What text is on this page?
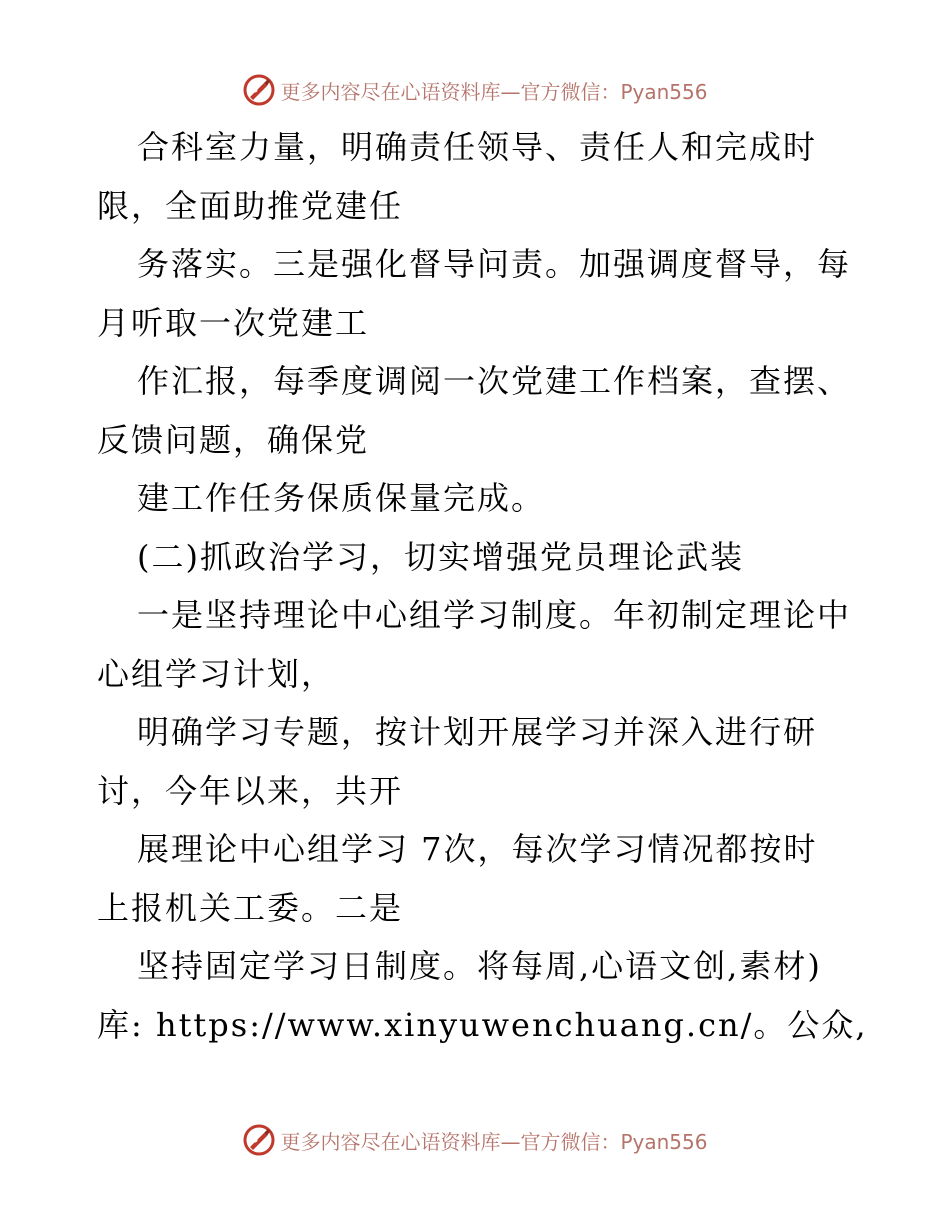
更多内容尽在心语资料库—官方微信：Pyan556
合科室力量，明确责任领导、责任人和完成时
限，全面助推党建任
务落实。三是强化督导问责。加强调度督导，每
月听取一次党建工
作汇报，每季度调阅一次党建工作档案，查摆、
反馈问题，确保党
建工作任务保质保量完成。
(二)抓政治学习，切实增强党员理论武装
一是坚持理论中心组学习制度。年初制定理论中
心组学习计划，
明确学习专题，按计划开展学习并深入进行研
讨，今年以来，共开
展理论中心组学习 7次，每次学习情况都按时
上报机关工委。二是
坚持固定学习日制度。将每周,心语文创,素材)
库: https://www.xinyuwenchuang.cn/。公众,
更多内容尽在心语资料库—官方微信：Pyan556
